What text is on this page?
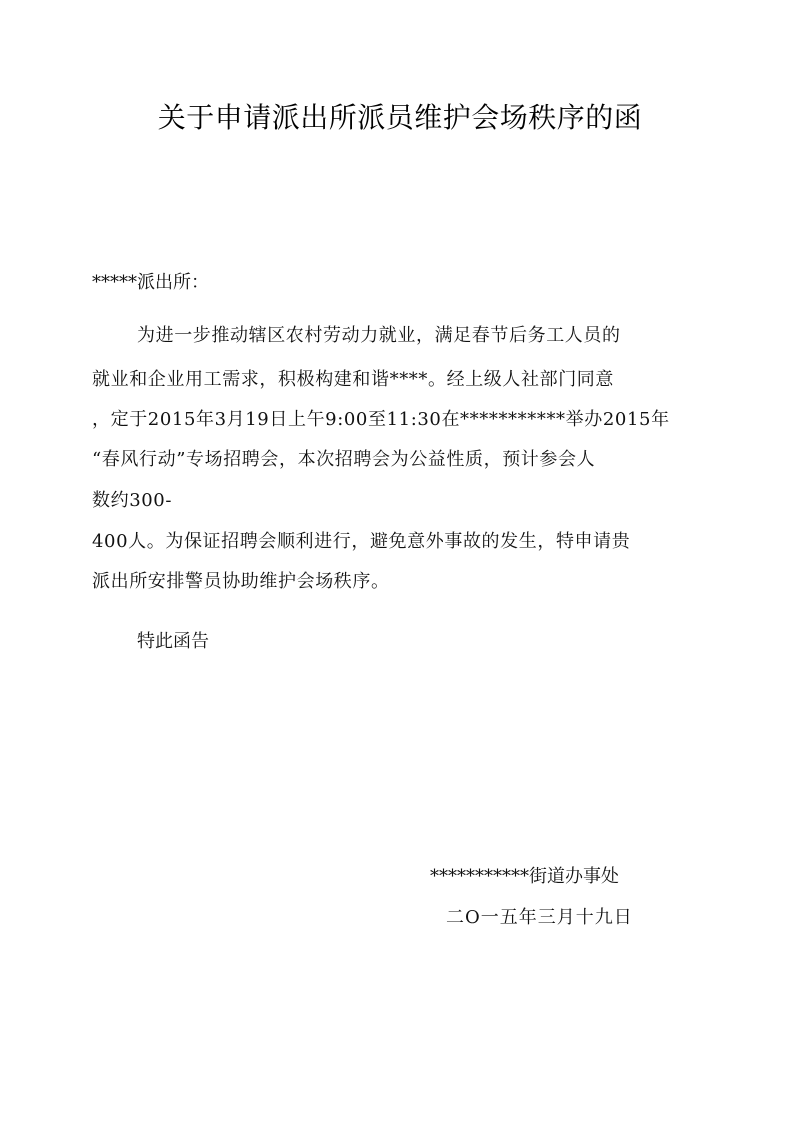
关于申请派出所派员维护会场秩序的函
*****派出所：
为进一步推动辖区农村劳动力就业，满足春节后务工人员的
就业和企业用工需求，积极构建和谐****。经上级人社部门同意
，定于2015年3月19日上午9:00至11:30在***********举办2015年
“春风行动”专场招聘会，本次招聘会为公益性质，预计参会人
数约300-
400人。为保证招聘会顺利进行，避免意外事故的发生，特申请贵
派出所安排警员协助维护会场秩序。
特此函告
***********街道办事处
二O一五年三月十九日
